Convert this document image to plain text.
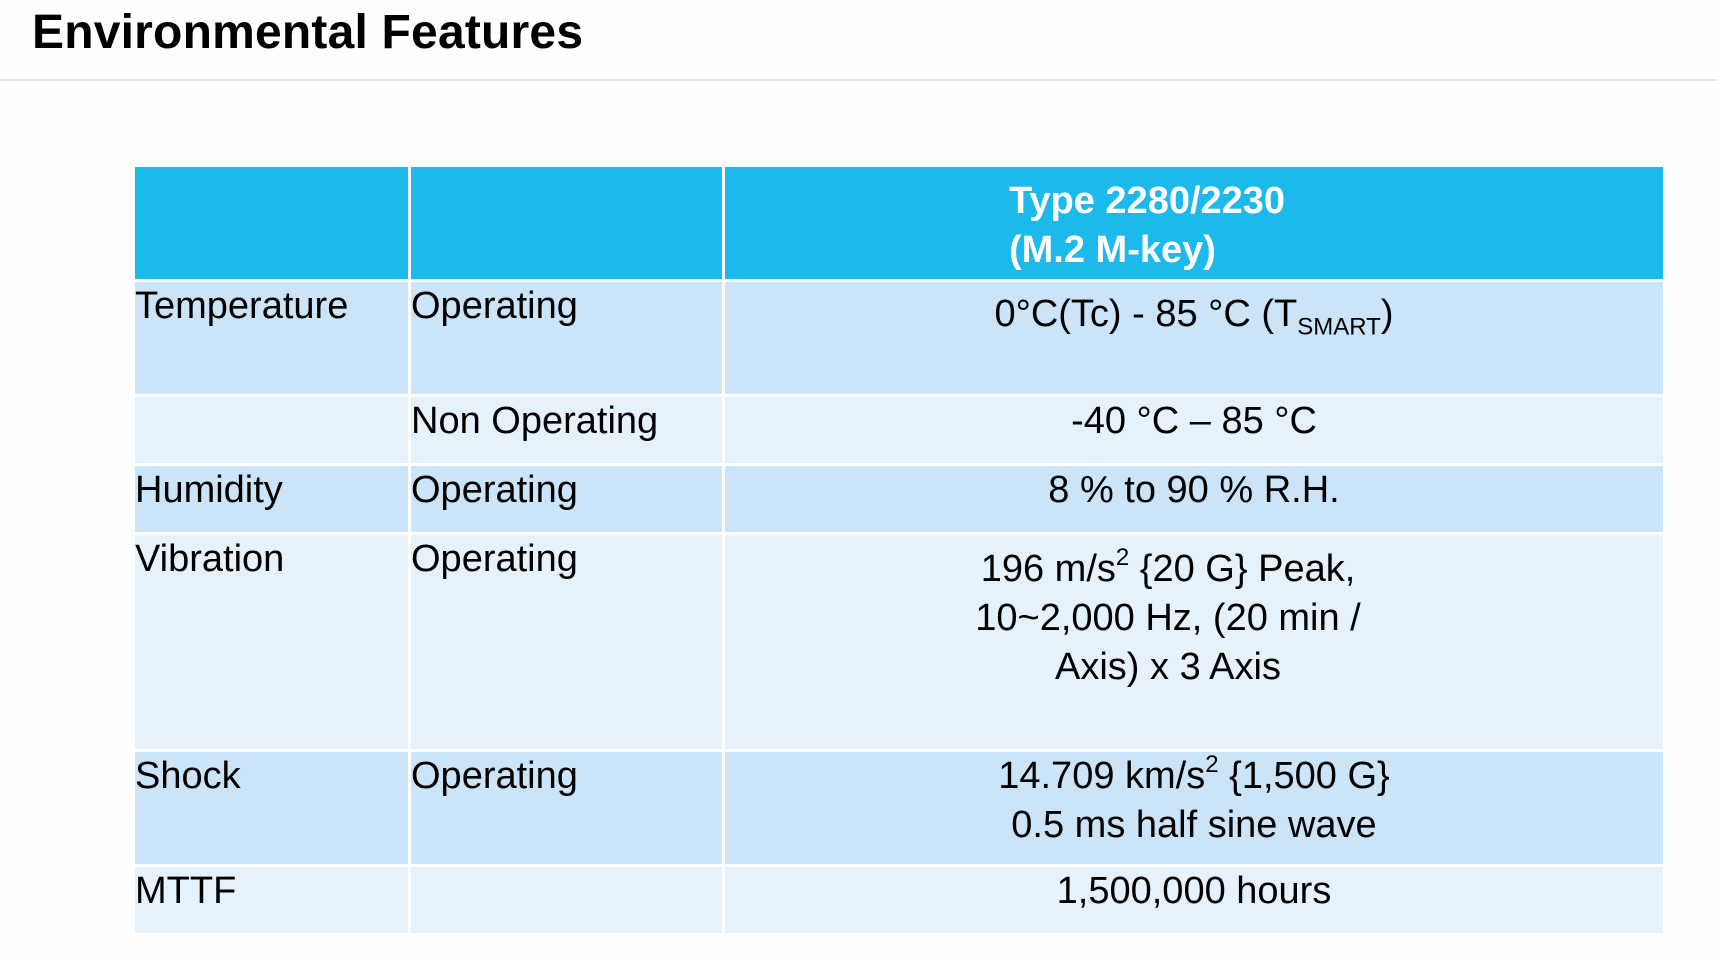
Environmental Features

		Type 2280/2230
(M.2 M-key)

Temperature	Operating	0°C(Tc) - 85 °C $(T_{SMART})$
	Non Operating	-40 °C – 85 °C
Humidity	Operating	8 % to 90 % R.H.
Vibration	Operating	196 $m/s^2$ {20 G} Peak,
10~2,000 Hz, (20 min /
Axis) x 3 Axis

Shock	Operating	14.709 $km/s^2$ {1,500 G}
0.5 ms half sine wave

MTTF		1,500,000 hours
